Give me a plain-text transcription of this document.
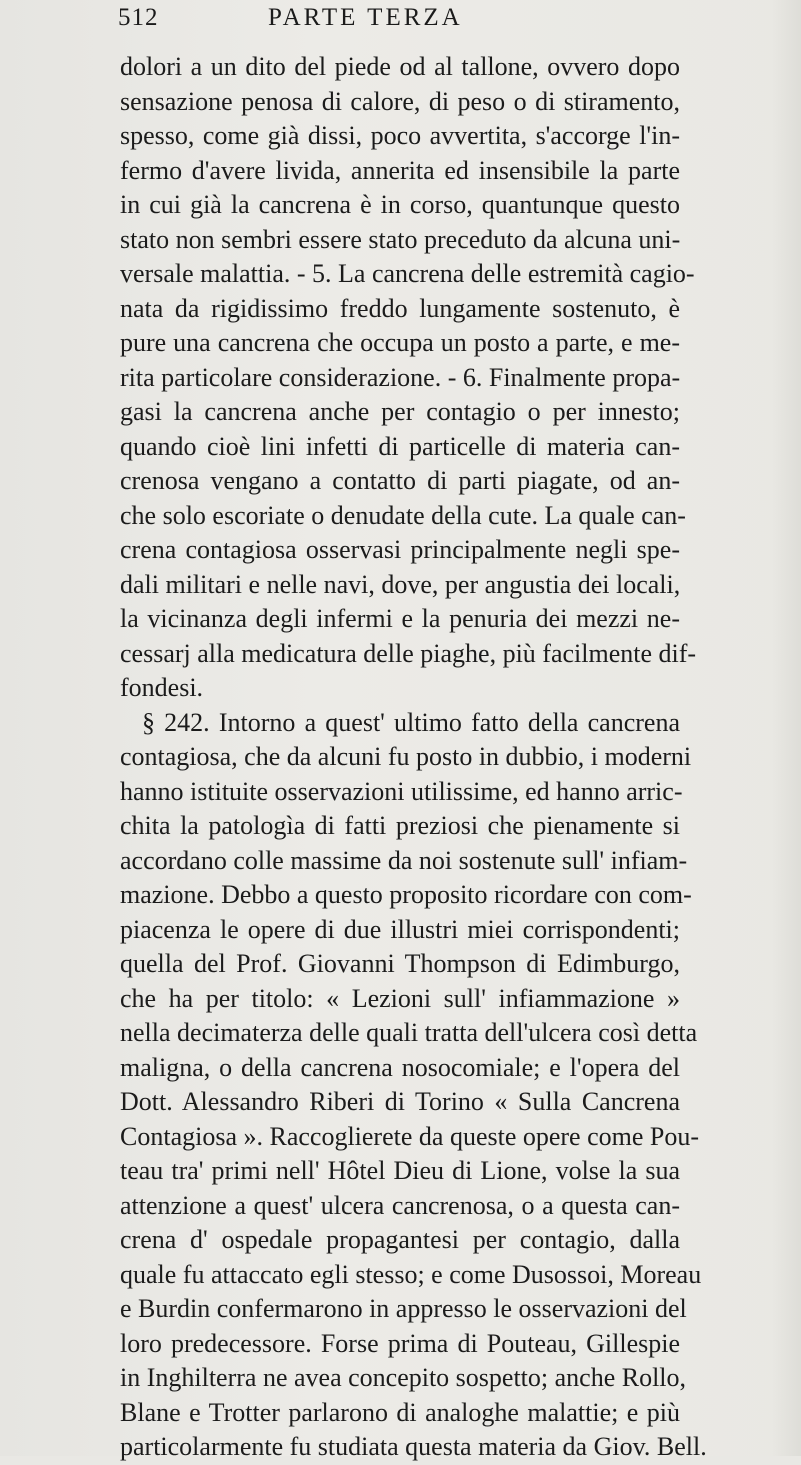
512	PARTE TERZA
dolori a un dito del piede od al tallone, ovvero dopo
sensazione penosa di calore, di peso o di stiramento,
spesso, come già dissi, poco avvertita, s'accorge l'in-
fermo d'avere livida, annerita ed insensibile la parte
in cui già la cancrena è in corso, quantunque questo
stato non sembri essere stato preceduto da alcuna uni-
versale malattia. - 5. La cancrena delle estremità cagio-
nata da rigidissimo freddo lungamente sostenuto, è
pure una cancrena che occupa un posto a parte, e me-
rita particolare considerazione. - 6. Finalmente propa-
gasi la cancrena anche per contagio o per innesto;
quando cioè lini infetti di particelle di materia can-
crenosa vengano a contatto di parti piagate, od an-
che solo escoriate o denudate della cute. La quale can-
crena contagiosa osservasi principalmente negli spe-
dali militari e nelle navi, dove, per angustia dei locali,
la vicinanza degli infermi e la penuria dei mezzi ne-
cessarj alla medicatura delle piaghe, più facilmente dif-
fondesi.
§ 242. Intorno a quest' ultimo fatto della cancrena
contagiosa, che da alcuni fu posto in dubbio, i moderni
hanno istituite osservazioni utilissime, ed hanno arric-
chita la patologìa di fatti preziosi che pienamente si
accordano colle massime da noi sostenute sull' infiam-
mazione. Debbo a questo proposito ricordare con com-
piacenza le opere di due illustri miei corrispondenti;
quella del Prof. Giovanni Thompson di Edimburgo,
che ha per titolo: « Lezioni sull' infiammazione »
nella decimaterza delle quali tratta dell'ulcera così detta
maligna, o della cancrena nosocomiale; e l'opera del
Dott. Alessandro Riberi di Torino « Sulla Cancrena
Contagiosa ». Raccoglierete da queste opere come Pou-
teau tra' primi nell' Hôtel Dieu di Lione, volse la sua
attenzione a quest' ulcera cancrenosa, o a questa can-
crena d' ospedale propagantesi per contagio, dalla
quale fu attaccato egli stesso; e come Dusossoi, Moreau
e Burdin confermarono in appresso le osservazioni del
loro predecessore. Forse prima di Pouteau, Gillespie
in Inghilterra ne avea concepito sospetto; anche Rollo,
Blane e Trotter parlarono di analoghe malattie; e più
particolarmente fu studiata questa materia da Giov. Bell.
